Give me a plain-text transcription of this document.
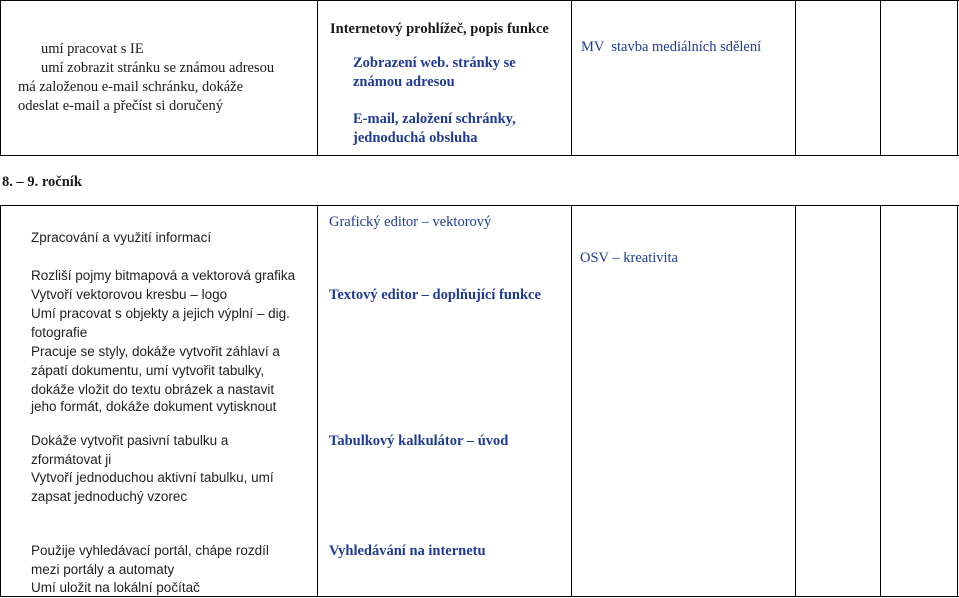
umí pracovat s IE
umí zobrazit stránku se známou adresou
má založenou e-mail schránku, dokáže
odeslat e-mail a přečíst si doručený
Internetový prohlížeč, popis funkce
Zobrazení web. stránky se
známou adresou
E-mail, založení schránky,
jednoduchá obsluha
MV  stavba mediálních sdělení
8. – 9. ročník
Zpracování a využití informací
Rozliší pojmy bitmapová a vektorová grafika
Vytvoří vektorovou kresbu – logo
Umí pracovat s objekty a jejich výplní – dig.
fotografie
Pracuje se styly, dokáže vytvořit záhlaví a
zápatí dokumentu, umí vytvořit tabulky,
dokáže vložit do textu obrázek a nastavit
jeho formát, dokáže dokument vytisknout
Dokáže vytvořit pasivní tabulku a
zformátovat ji
Vytvoří jednoduchou aktivní tabulku, umí
zapsat jednoduchý vzorec
Grafický editor – vektorový
Textový editor – doplňující funkce
Tabulkový kalkulátor – úvod
OSV – kreativita
Použije vyhledávací portál, chápe rozdíl
mezi portály a automaty
Umí uložit na lokální počítač
Vyhledávání na internetu
